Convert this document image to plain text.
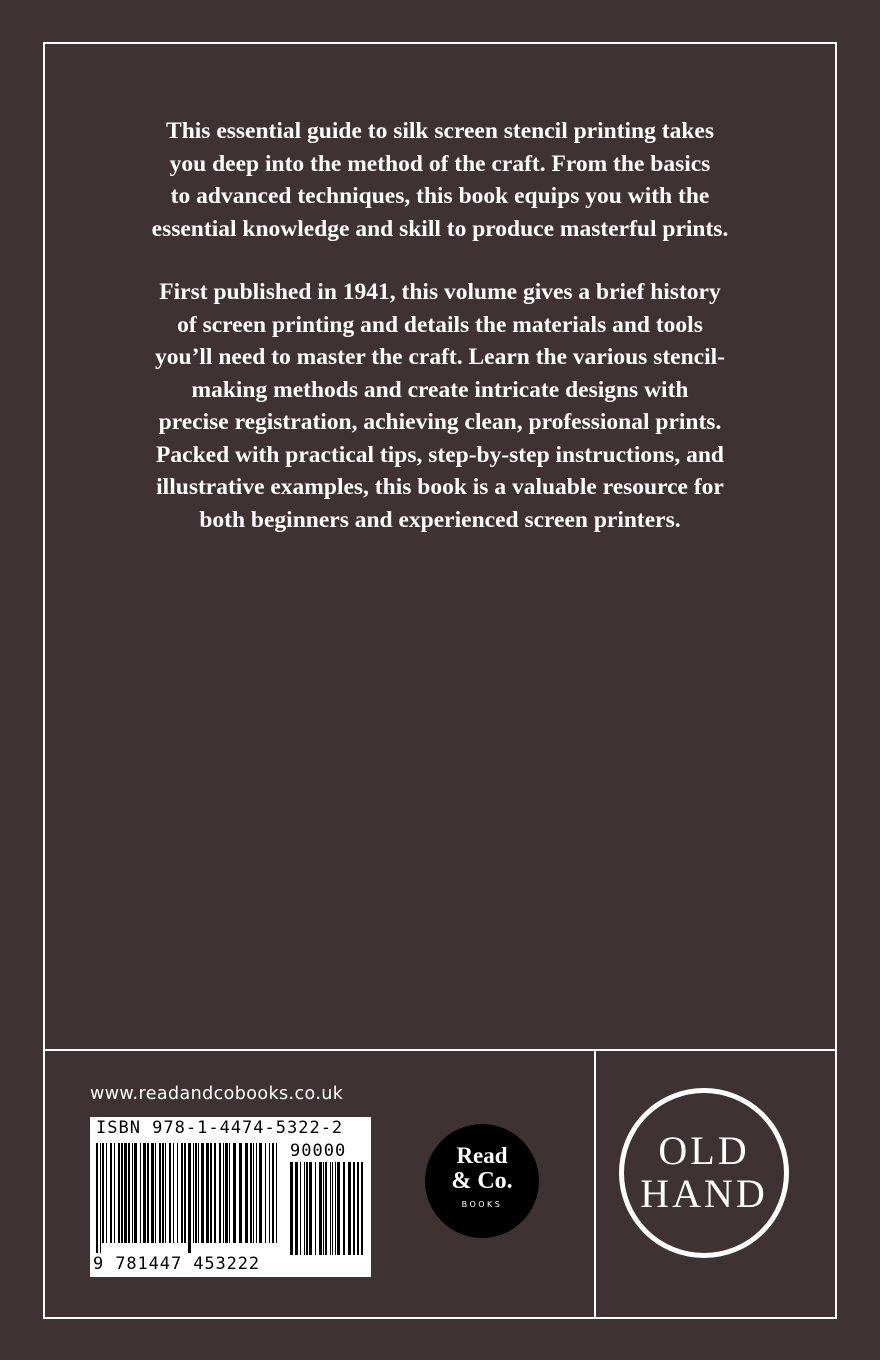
This essential guide to silk screen stencil printing takes
you deep into the method of the craft. From the basics
to advanced techniques, this book equips you with the
essential knowledge and skill to produce masterful prints.

First published in 1941, this volume gives a brief history
of screen printing and details the materials and tools
you’ll need to master the craft. Learn the various stencil-
making methods and create intricate designs with
precise registration, achieving clean, professional prints.
Packed with practical tips, step-by-step instructions, and
illustrative examples, this book is a valuable resource for
both beginners and experienced screen printers.

www.readandcobooks.co.uk
ISBN 978-1-4474-5322-2
90000
9 781447 453222
Read
& Co.
BOOKS
OLD
HAND
